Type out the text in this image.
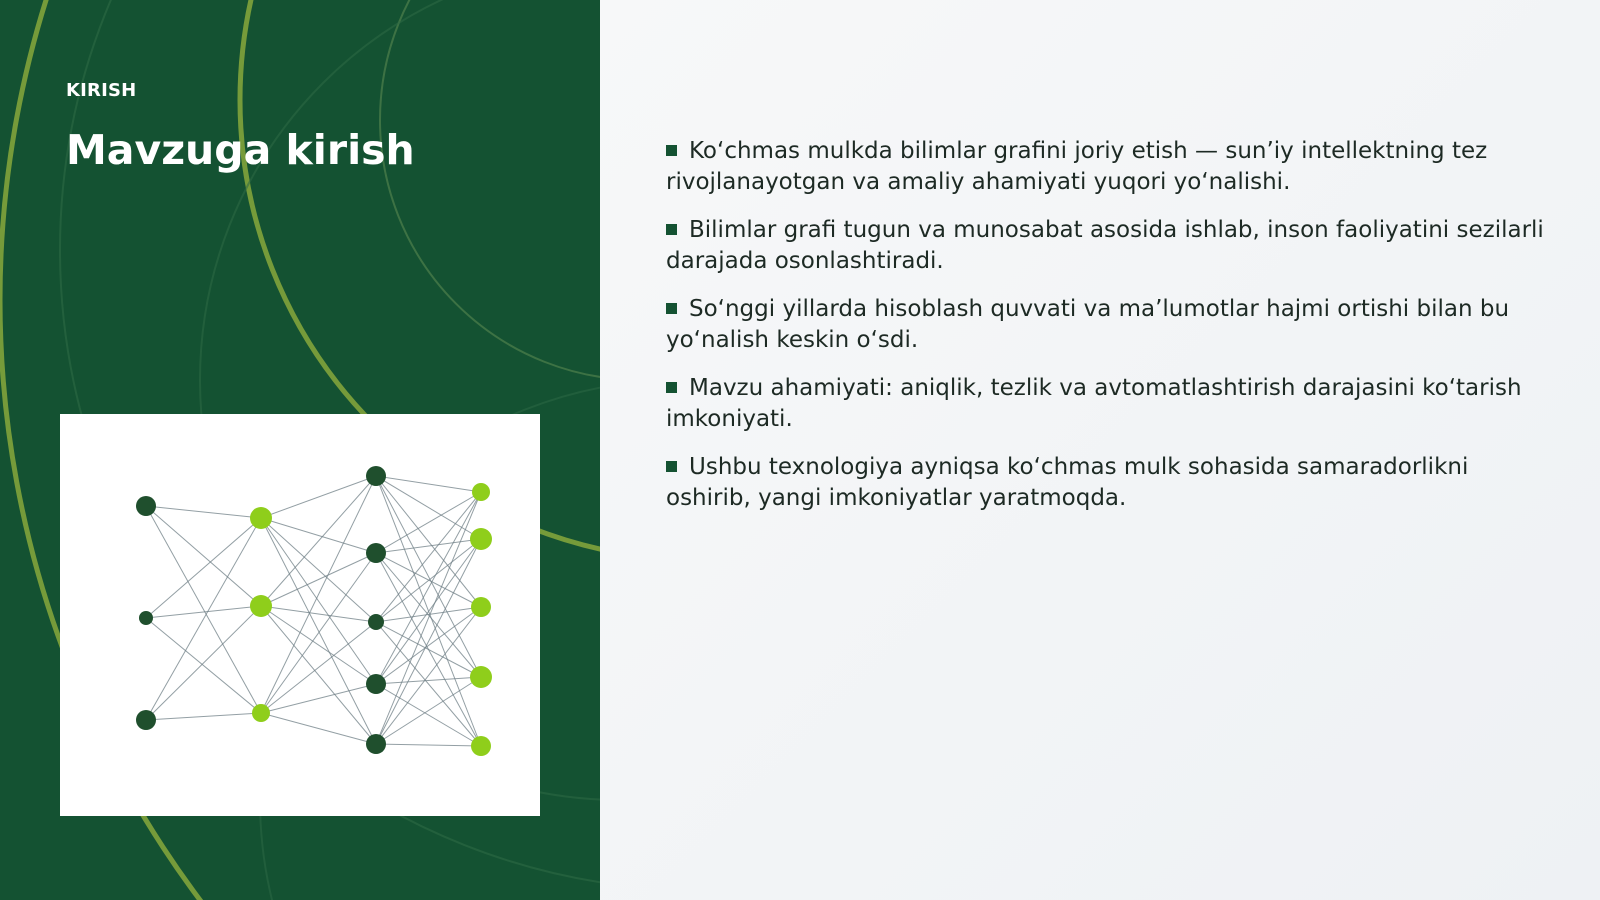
KIRISH
Mavzuga kirish	Ko‘chmas mulkda bilimlar grafini joriy etish — sun’iy intellektning tez rivojlanayotgan va amaliy ahamiyati yuqori yo‘nalishi.
Bilimlar grafi tugun va munosabat asosida ishlab, inson faoliyatini sezilarli darajada osonlashtiradi.
So‘nggi yillarda hisoblash quvvati va ma’lumotlar hajmi ortishi bilan bu yo‘nalish keskin o‘sdi.
Mavzu ahamiyati: aniqlik, tezlik va avtomatlashtirish darajasini ko‘tarish imkoniyati.
Ushbu texnologiya ayniqsa ko‘chmas mulk sohasida samaradorlikni oshirib, yangi imkoniyatlar yaratmoqda.
